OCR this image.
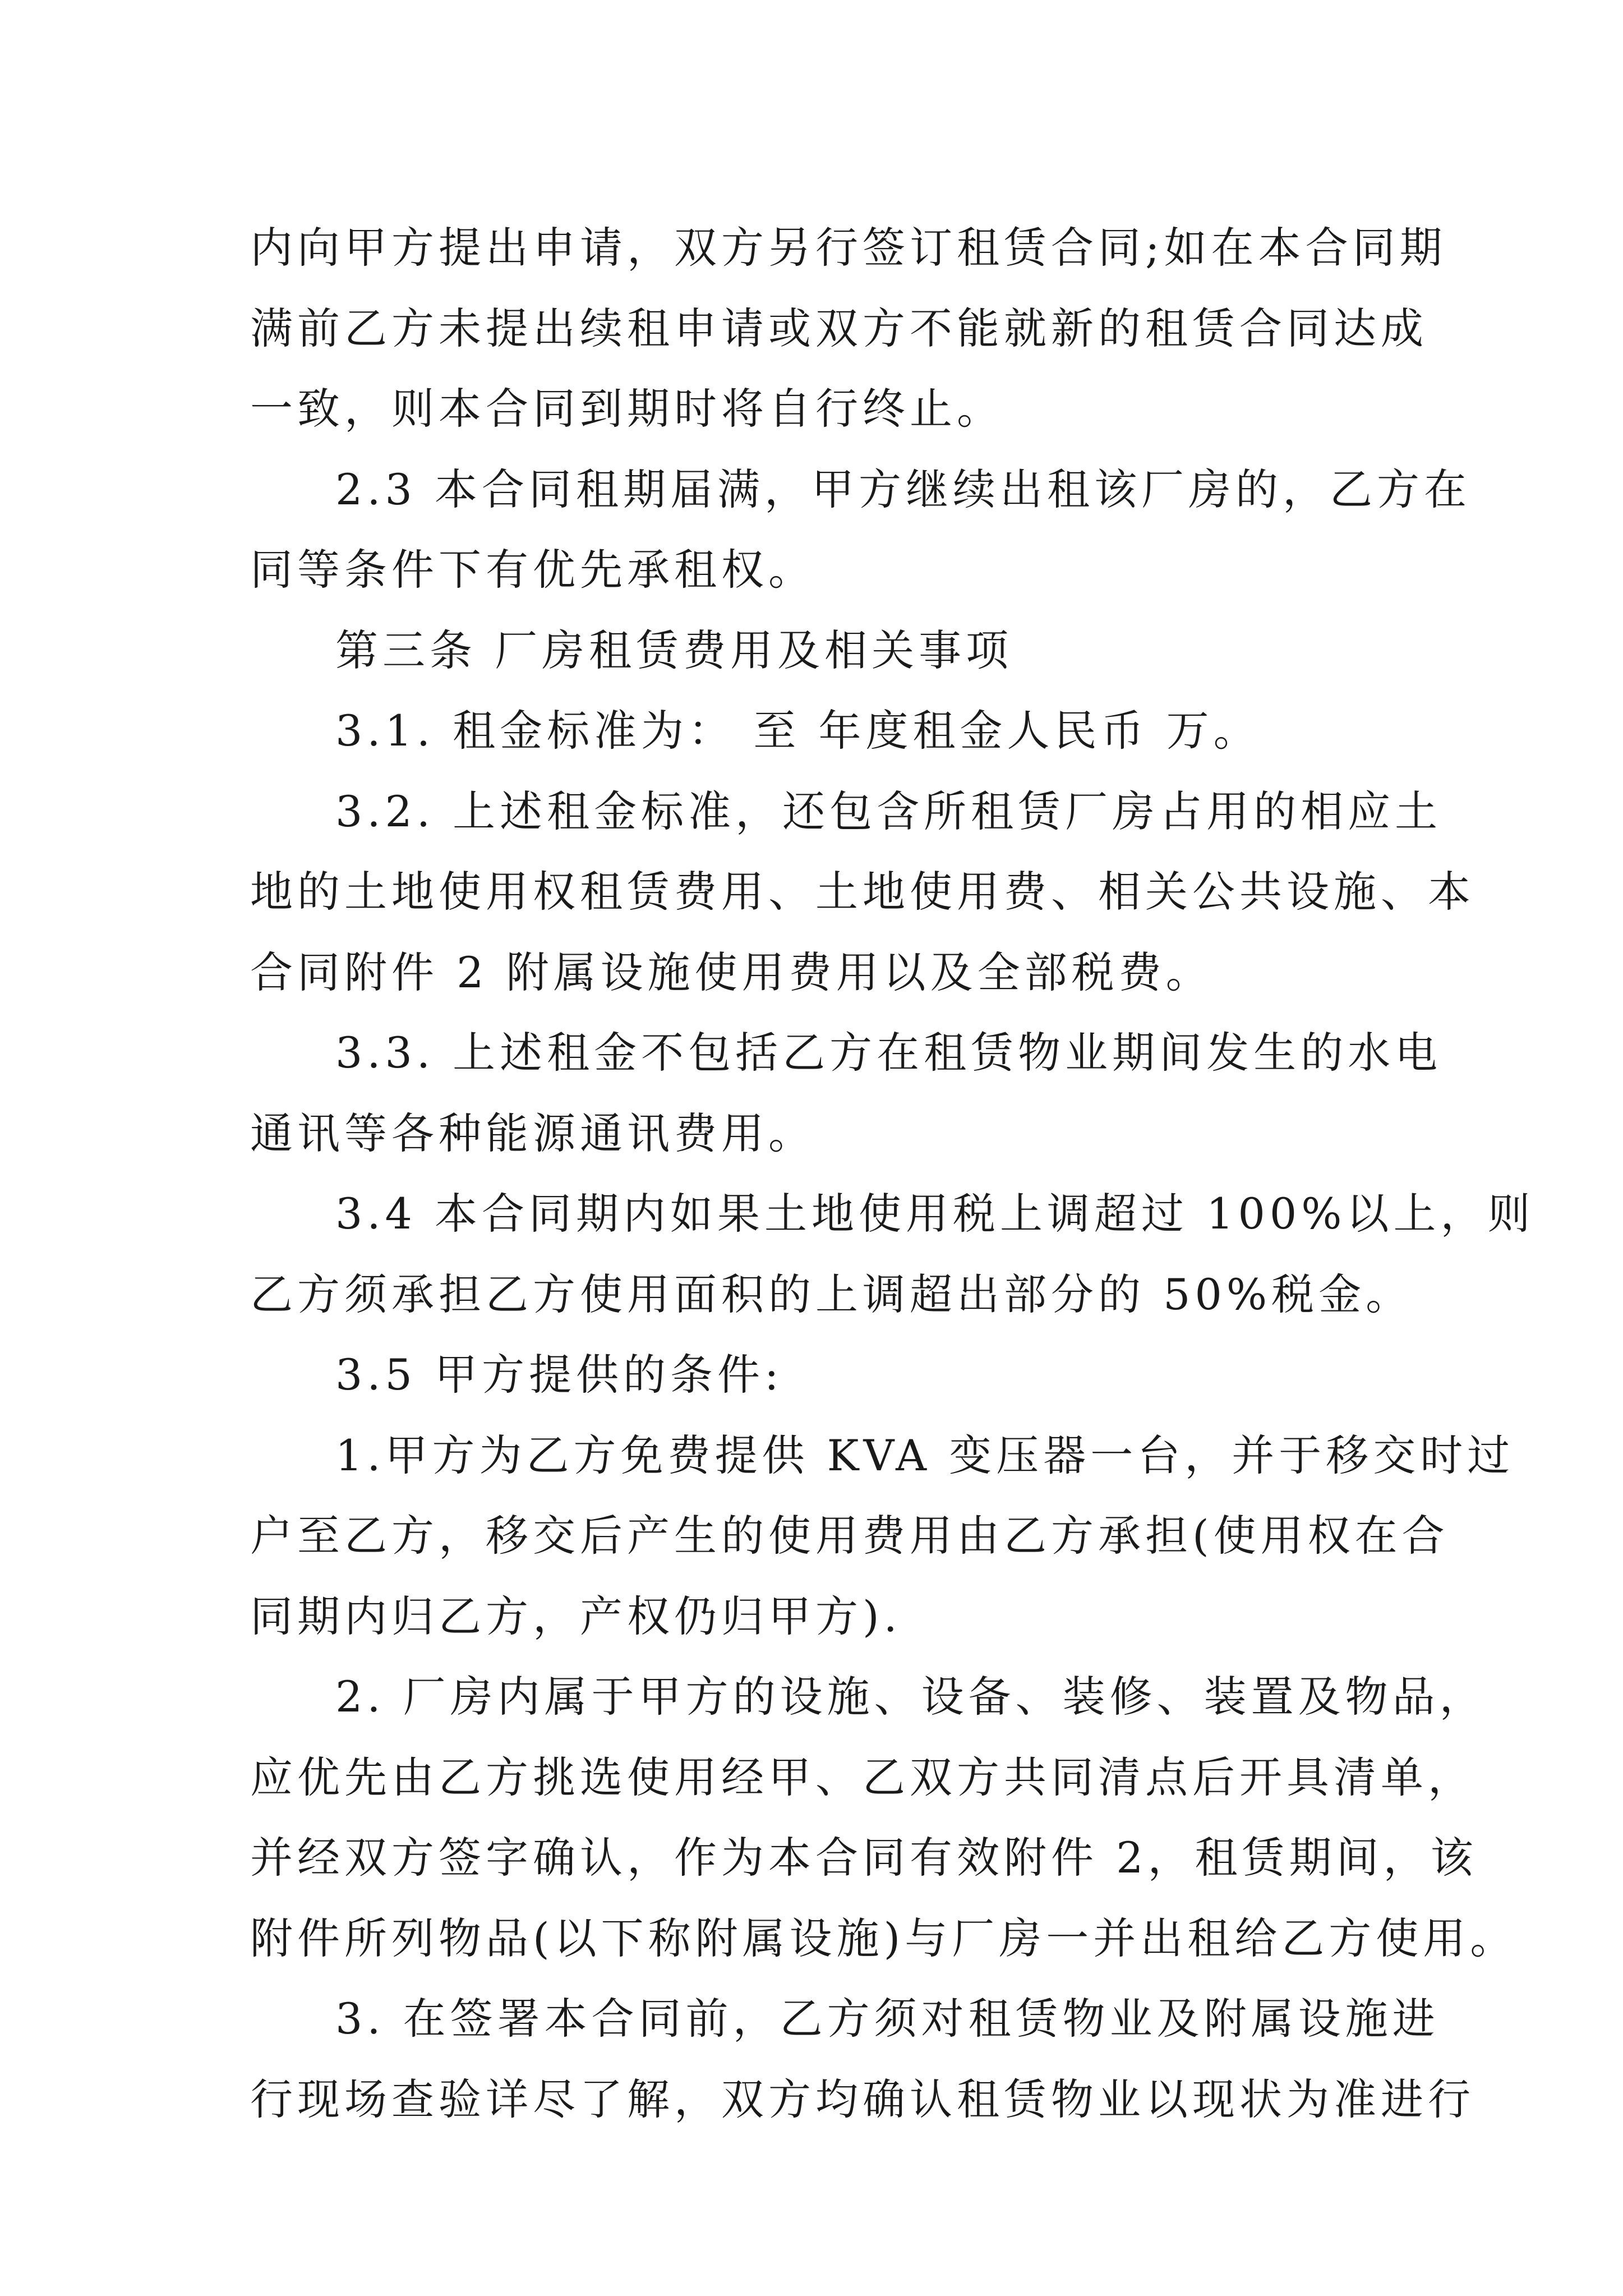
内向甲方提出申请，双方另行签订租赁合同;如在本合同期
满前乙方未提出续租申请或双方不能就新的租赁合同达成
一致，则本合同到期时将自行终止。
2.3 本合同租期届满，甲方继续出租该厂房的，乙方在
同等条件下有优先承租权。
第三条 厂房租赁费用及相关事项
3.1. 租金标准为： 至 年度租金人民币 万。
3.2. 上述租金标准，还包含所租赁厂房占用的相应土
地的土地使用权租赁费用、土地使用费、相关公共设施、本
合同附件 2 附属设施使用费用以及全部税费。
3.3. 上述租金不包括乙方在租赁物业期间发生的水电
通讯等各种能源通讯费用。
3.4 本合同期内如果土地使用税上调超过 100%以上，则
乙方须承担乙方使用面积的上调超出部分的 50%税金。
3.5 甲方提供的条件:
1.甲方为乙方免费提供 KVA 变压器一台，并于移交时过
户至乙方，移交后产生的使用费用由乙方承担(使用权在合
同期内归乙方，产权仍归甲方).
2. 厂房内属于甲方的设施、设备、装修、装置及物品，
应优先由乙方挑选使用经甲、乙双方共同清点后开具清单，
并经双方签字确认，作为本合同有效附件 2，租赁期间，该
附件所列物品(以下称附属设施)与厂房一并出租给乙方使用。
3. 在签署本合同前，乙方须对租赁物业及附属设施进
行现场查验详尽了解，双方均确认租赁物业以现状为准进行
